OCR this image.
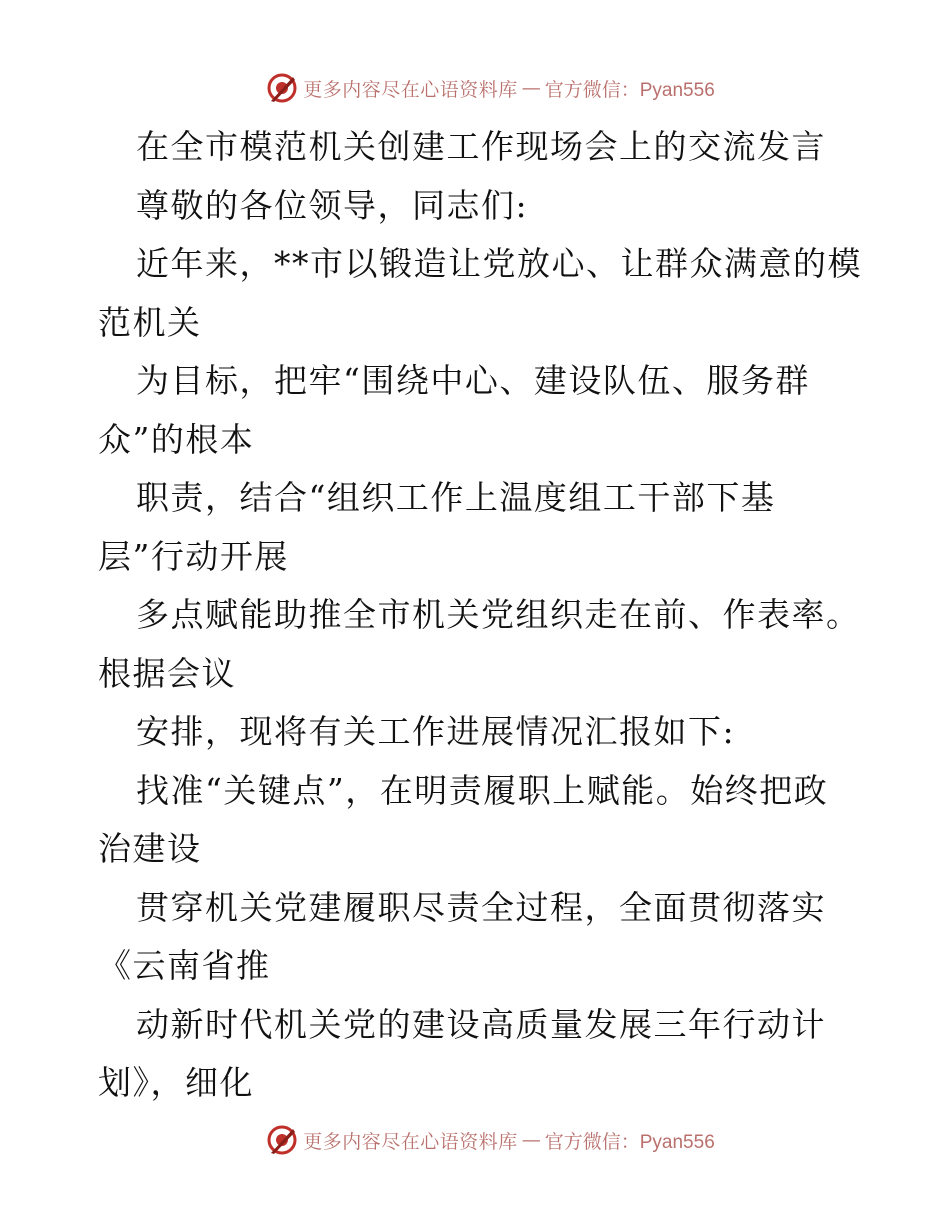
更多内容尽在心语资料库 — 官方微信：Pyan556
在全市模范机关创建工作现场会上的交流发言
尊敬的各位领导，同志们:
近年来，**市以锻造让党放心、让群众满意的模
范机关
为目标，把牢“围绕中心、建设队伍、服务群
众”的根本
职责，结合“组织工作上温度组工干部下基
层”行动开展
多点赋能助推全市机关党组织走在前、作表率。
根据会议
安排，现将有关工作进展情况汇报如下:
找准“关键点”，在明责履职上赋能。始终把政
治建设
贯穿机关党建履职尽责全过程，全面贯彻落实
《云南省推
动新时代机关党的建设高质量发展三年行动计
划》，细化
更多内容尽在心语资料库 — 官方微信：Pyan556
